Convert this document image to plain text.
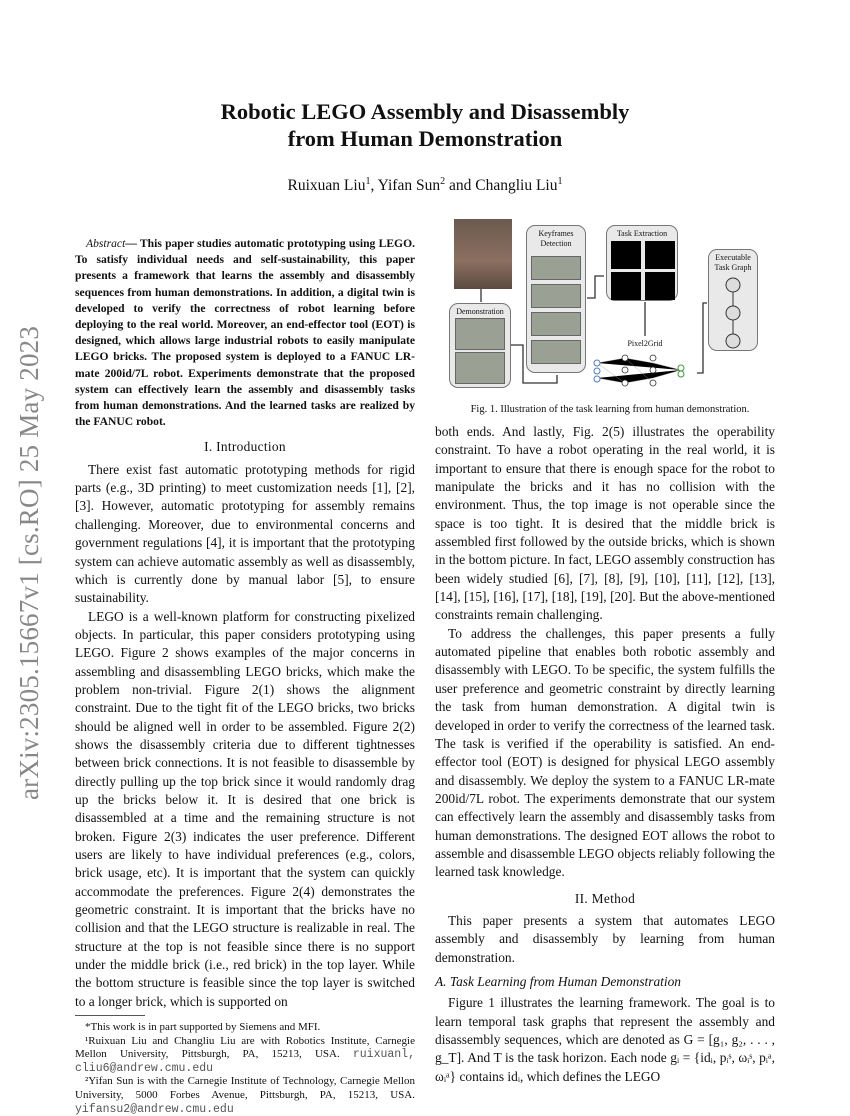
arXiv:2305.15667v1 [cs.RO] 25 May 2023
Robotic LEGO Assembly and Disassembly
from Human Demonstration
Ruixuan Liu$^1$, Yifan Sun$^2$ and Changliu Liu$^1$

Abstract— This paper studies automatic prototyping using LEGO. To satisfy individual needs and self-sustainability, this paper presents a framework that learns the assembly and disassembly sequences from human demonstrations. In addition, a digital twin is developed to verify the correctness of robot learning before deploying to the real world. Moreover, an end-effector tool (EOT) is designed, which allows large industrial robots to easily manipulate LEGO bricks. The proposed system is deployed to a FANUC LR-mate 200id/7L robot. Experiments demonstrate that the proposed system can effectively learn the assembly and disassembly tasks from human demonstrations. And the learned tasks are realized by the FANUC robot.

I. Introduction

There exist fast automatic prototyping methods for rigid parts (e.g., 3D printing) to meet customization needs [1], [2], [3]. However, automatic prototyping for assembly remains challenging. Moreover, due to environmental concerns and government regulations [4], it is important that the prototyping system can achieve automatic assembly as well as disassembly, which is currently done by manual labor [5], to ensure sustainability.

LEGO is a well-known platform for constructing pixelized objects. In particular, this paper considers prototyping using LEGO. Figure 2 shows examples of the major concerns in assembling and disassembling LEGO bricks, which make the problem non-trivial. Figure 2(1) shows the alignment constraint. Due to the tight fit of the LEGO bricks, two bricks should be aligned well in order to be assembled. Figure 2(2) shows the disassembly criteria due to different tightnesses between brick connections. It is not feasible to disassemble by directly pulling up the top brick since it would randomly drag up the bricks below it. It is desired that one brick is disassembled at a time and the remaining structure is not broken. Figure 2(3) indicates the user preference. Different users are likely to have individual preferences (e.g., colors, brick usage, etc). It is important that the system can quickly accommodate the preferences. Figure 2(4) demonstrates the geometric constraint. It is important that the bricks have no collision and that the LEGO structure is realizable in real. The structure at the top is not feasible since there is no support under the middle brick (i.e., red brick) in the top layer. While the bottom structure is feasible since the top layer is switched to a longer brick, which is supported on

*This work is in part supported by Siemens and MFI.

¹Ruixuan Liu and Changliu Liu are with Robotics Institute, Carnegie Mellon University, Pittsburgh, PA, 15213, USA. ruixuanl, cliu6@andrew.cmu.edu

²Yifan Sun is with the Carnegie Institute of Technology, Carnegie Mellon University, 5000 Forbes Avenue, Pittsburgh, PA, 15213, USA. yifansu2@andrew.cmu.edu

Demonstration
Keyframes Detection
Task Extraction
Pixel2Grid
Executable Task Graph
Fig. 1. Illustration of the task learning from human demonstration.

both ends. And lastly, Fig. 2(5) illustrates the operability constraint. To have a robot operating in the real world, it is important to ensure that there is enough space for the robot to manipulate the bricks and it has no collision with the environment. Thus, the top image is not operable since the space is too tight. It is desired that the middle brick is assembled first followed by the outside bricks, which is shown in the bottom picture. In fact, LEGO assembly construction has been widely studied [6], [7], [8], [9], [10], [11], [12], [13], [14], [15], [16], [17], [18], [19], [20]. But the above-mentioned constraints remain challenging.

To address the challenges, this paper presents a fully automated pipeline that enables both robotic assembly and disassembly with LEGO. To be specific, the system fulfills the user preference and geometric constraint by directly learning the task from human demonstration. A digital twin is developed in order to verify the correctness of the learned task. The task is verified if the operability is satisfied. An end-effector tool (EOT) is designed for physical LEGO assembly and disassembly. We deploy the system to a FANUC LR-mate 200id/7L robot. The experiments demonstrate that our system can effectively learn the assembly and disassembly tasks from human demonstrations. The designed EOT allows the robot to assemble and disassemble LEGO objects reliably following the learned task knowledge.

II. Method

This paper presents a system that automates LEGO assembly and disassembly by learning from human demonstration.

A. Task Learning from Human Demonstration

Figure 1 illustrates the learning framework. The goal is to learn temporal task graphs that represent the assembly and disassembly sequences, which are denoted as G = [g₁, g₂, . . . , g_T]. And T is the task horizon. Each node gᵢ = {idᵢ, pᵢˢ, ωᵢˢ, pᵢᵃ, ωᵢᵃ} contains idᵢ, which defines the LEGO
